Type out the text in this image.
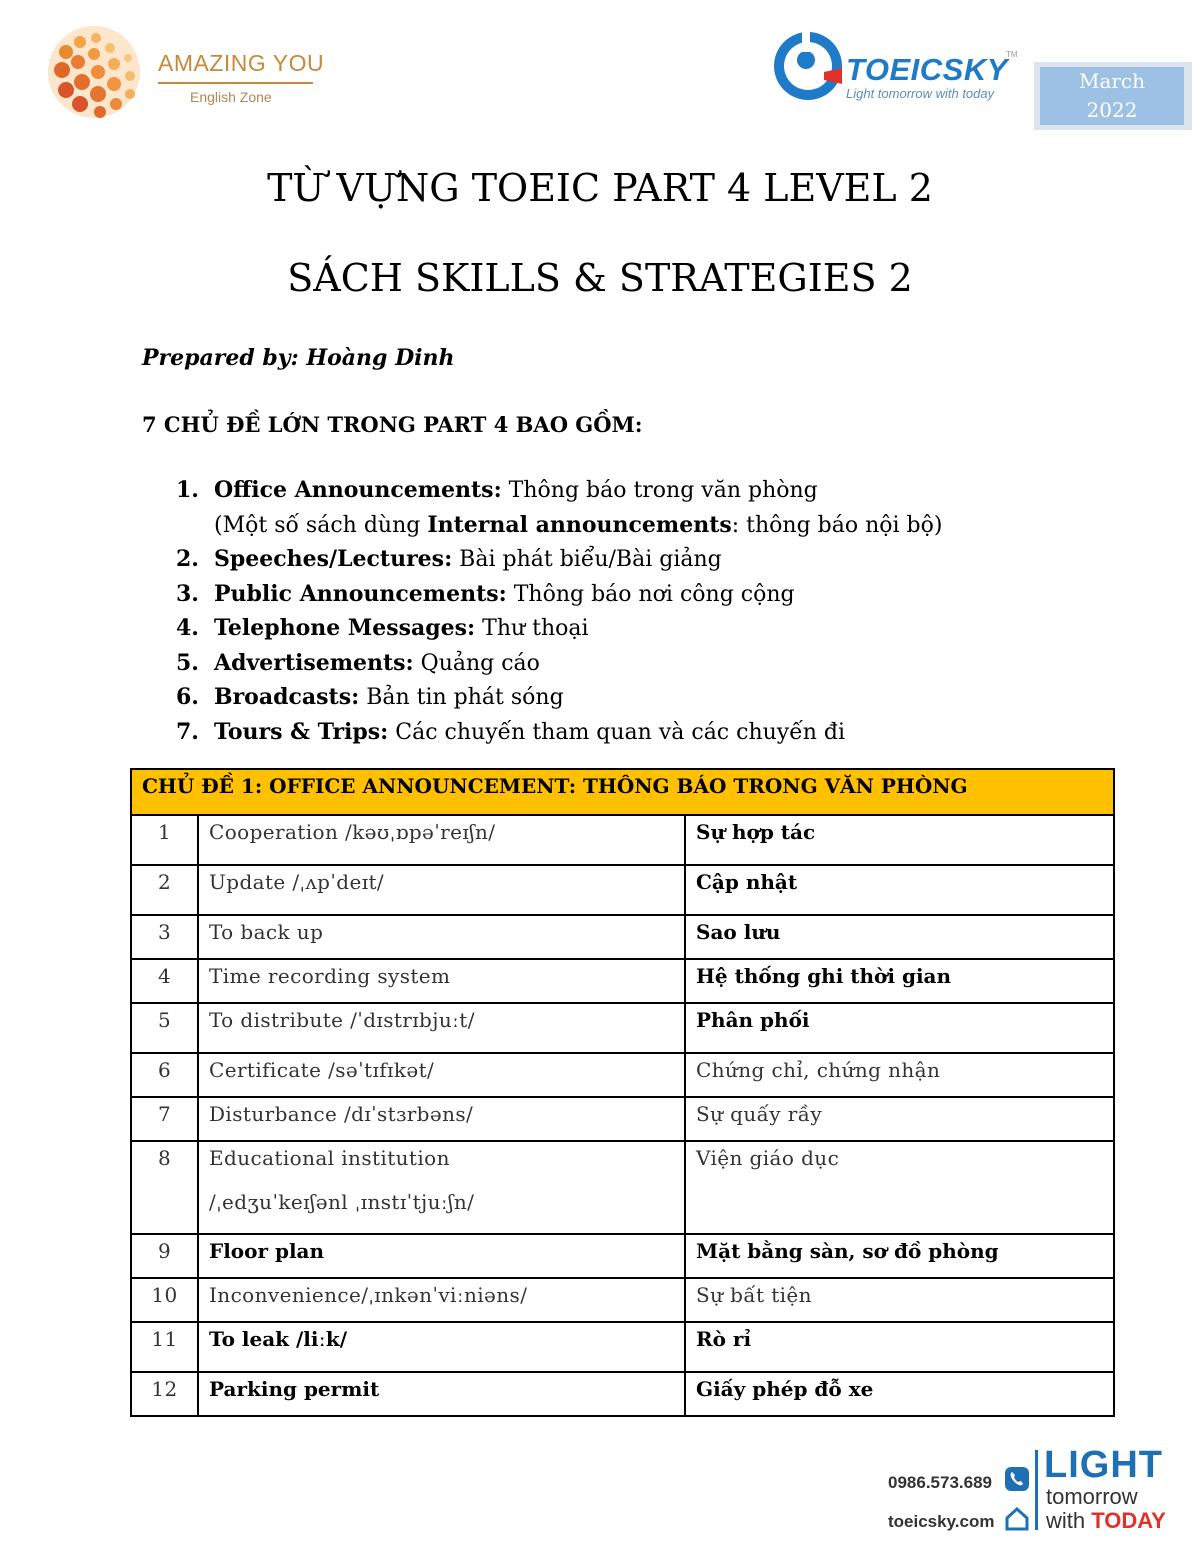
AMAZING YOU
English Zone
TOEICSKY
TM
Light tomorrow with today
March
2022
TỪ VỰNG TOEIC PART 4 LEVEL 2
SÁCH SKILLS & STRATEGIES 2
Prepared by: Hoàng Dinh
7 CHỦ ĐỀ LỚN TRONG PART 4 BAO GỒM:
1. Office Announcements: Thông báo trong văn phòng
(Một số sách dùng Internal announcements: thông báo nội bộ)
2. Speeches/Lectures: Bài phát biểu/Bài giảng
3. Public Announcements: Thông báo nơi công cộng
4. Telephone Messages: Thư thoại
5. Advertisements: Quảng cáo
6. Broadcasts: Bản tin phát sóng
7. Tours & Trips: Các chuyến tham quan và các chuyến đi
CHỦ ĐỀ 1: OFFICE ANNOUNCEMENT: THÔNG BÁO TRONG VĂN PHÒNG		
1	Cooperation /kəʊˌɒpəˈreɪʃn/	Sự hợp tác
2	Update /ˌʌpˈdeɪt/	Cập nhật
3	To back up	Sao lưu
4	Time recording system	Hệ thống ghi thời gian
5	To distribute /ˈdɪstrɪbjuːt/	Phân phối
6	Certificate /səˈtɪfɪkət/	Chứng chỉ, chứng nhận
7	Disturbance /dɪˈstɜrbəns/	Sự quấy rầy
8	Educational institution
/ˌedʒuˈkeɪʃənl ˌɪnstɪˈtjuːʃn/	Viện giáo dục
9	Floor plan	Mặt bằng sàn, sơ đồ phòng
10	Inconvenience/ˌɪnkənˈviːniəns/	Sự bất tiện
11	To leak /liːk/	Rò rỉ
12	Parking permit	Giấy phép đỗ xe
0986.573.689
toeicsky.com
LIGHT
tomorrow
with TODAY
